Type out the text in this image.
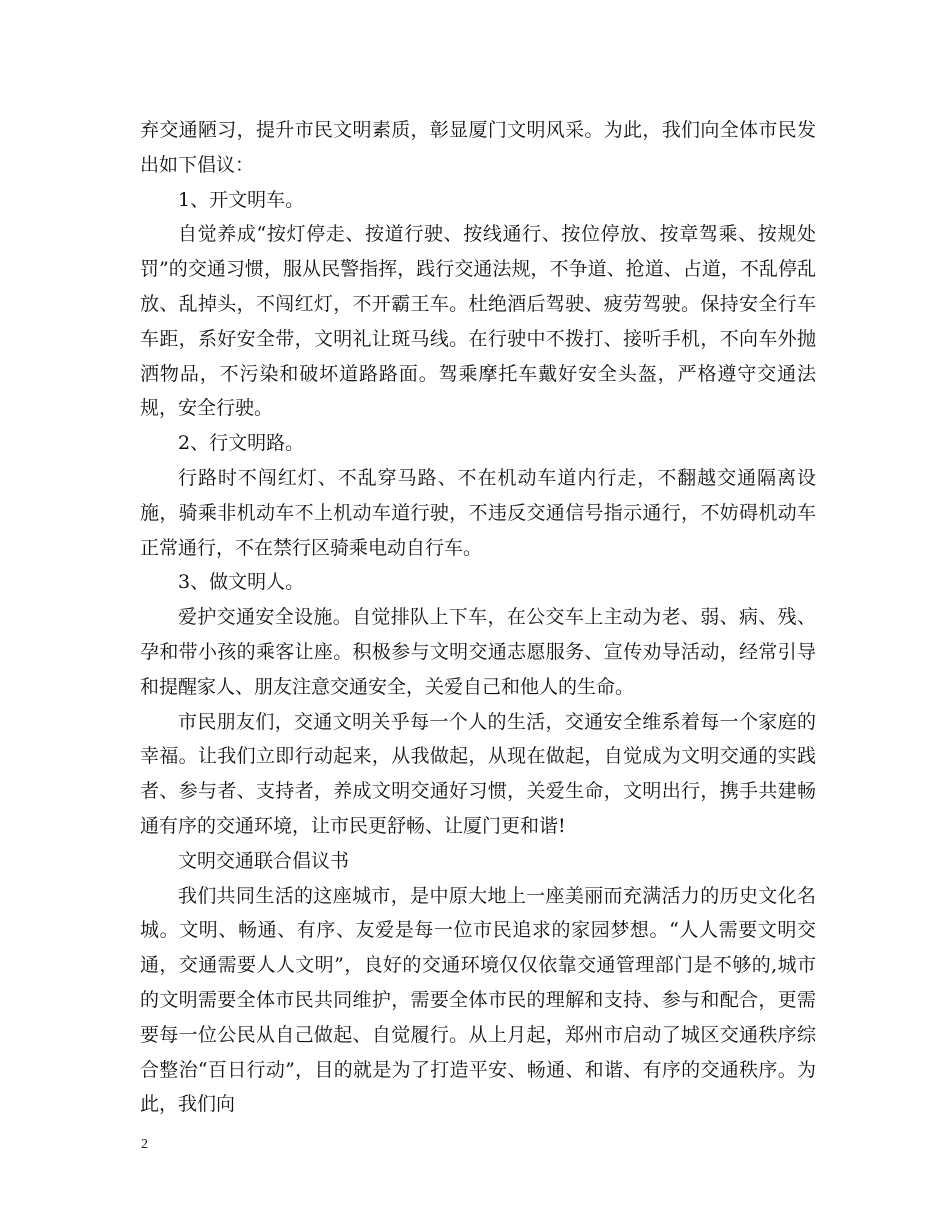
弃交通陋习，提升市民文明素质，彰显厦门文明风采。为此，我们向全体市民发出如下倡议：

1、开文明车。

自觉养成“按灯停走、按道行驶、按线通行、按位停放、按章驾乘、按规处罚”的交通习惯，服从民警指挥，践行交通法规，不争道、抢道、占道，不乱停乱放、乱掉头，不闯红灯，不开霸王车。杜绝酒后驾驶、疲劳驾驶。保持安全行车车距，系好安全带，文明礼让斑马线。在行驶中不拨打、接听手机，不向车外抛洒物品，不污染和破坏道路路面。驾乘摩托车戴好安全头盔，严格遵守交通法规，安全行驶。

2、行文明路。

行路时不闯红灯、不乱穿马路、不在机动车道内行走，不翻越交通隔离设施，骑乘非机动车不上机动车道行驶，不违反交通信号指示通行，不妨碍机动车正常通行，不在禁行区骑乘电动自行车。

3、做文明人。

爱护交通安全设施。自觉排队上下车，在公交车上主动为老、弱、病、残、孕和带小孩的乘客让座。积极参与文明交通志愿服务、宣传劝导活动，经常引导和提醒家人、朋友注意交通安全，关爱自己和他人的生命。

市民朋友们，交通文明关乎每一个人的生活，交通安全维系着每一个家庭的幸福。让我们立即行动起来，从我做起，从现在做起，自觉成为文明交通的实践者、参与者、支持者，养成文明交通好习惯，关爱生命，文明出行，携手共建畅通有序的交通环境，让市民更舒畅、让厦门更和谐!

文明交通联合倡议书

我们共同生活的这座城市，是中原大地上一座美丽而充满活力的历史文化名城。文明、畅通、有序、友爱是每一位市民追求的家园梦想。“人人需要文明交通，交通需要人人文明”，良好的交通环境仅仅依靠交通管理部门是不够的,城市的文明需要全体市民共同维护，需要全体市民的理解和支持、参与和配合，更需要每一位公民从自己做起、自觉履行。从上月起，郑州市启动了城区交通秩序综合整治“百日行动”，目的就是为了打造平安、畅通、和谐、有序的交通秩序。为此，我们向

2
